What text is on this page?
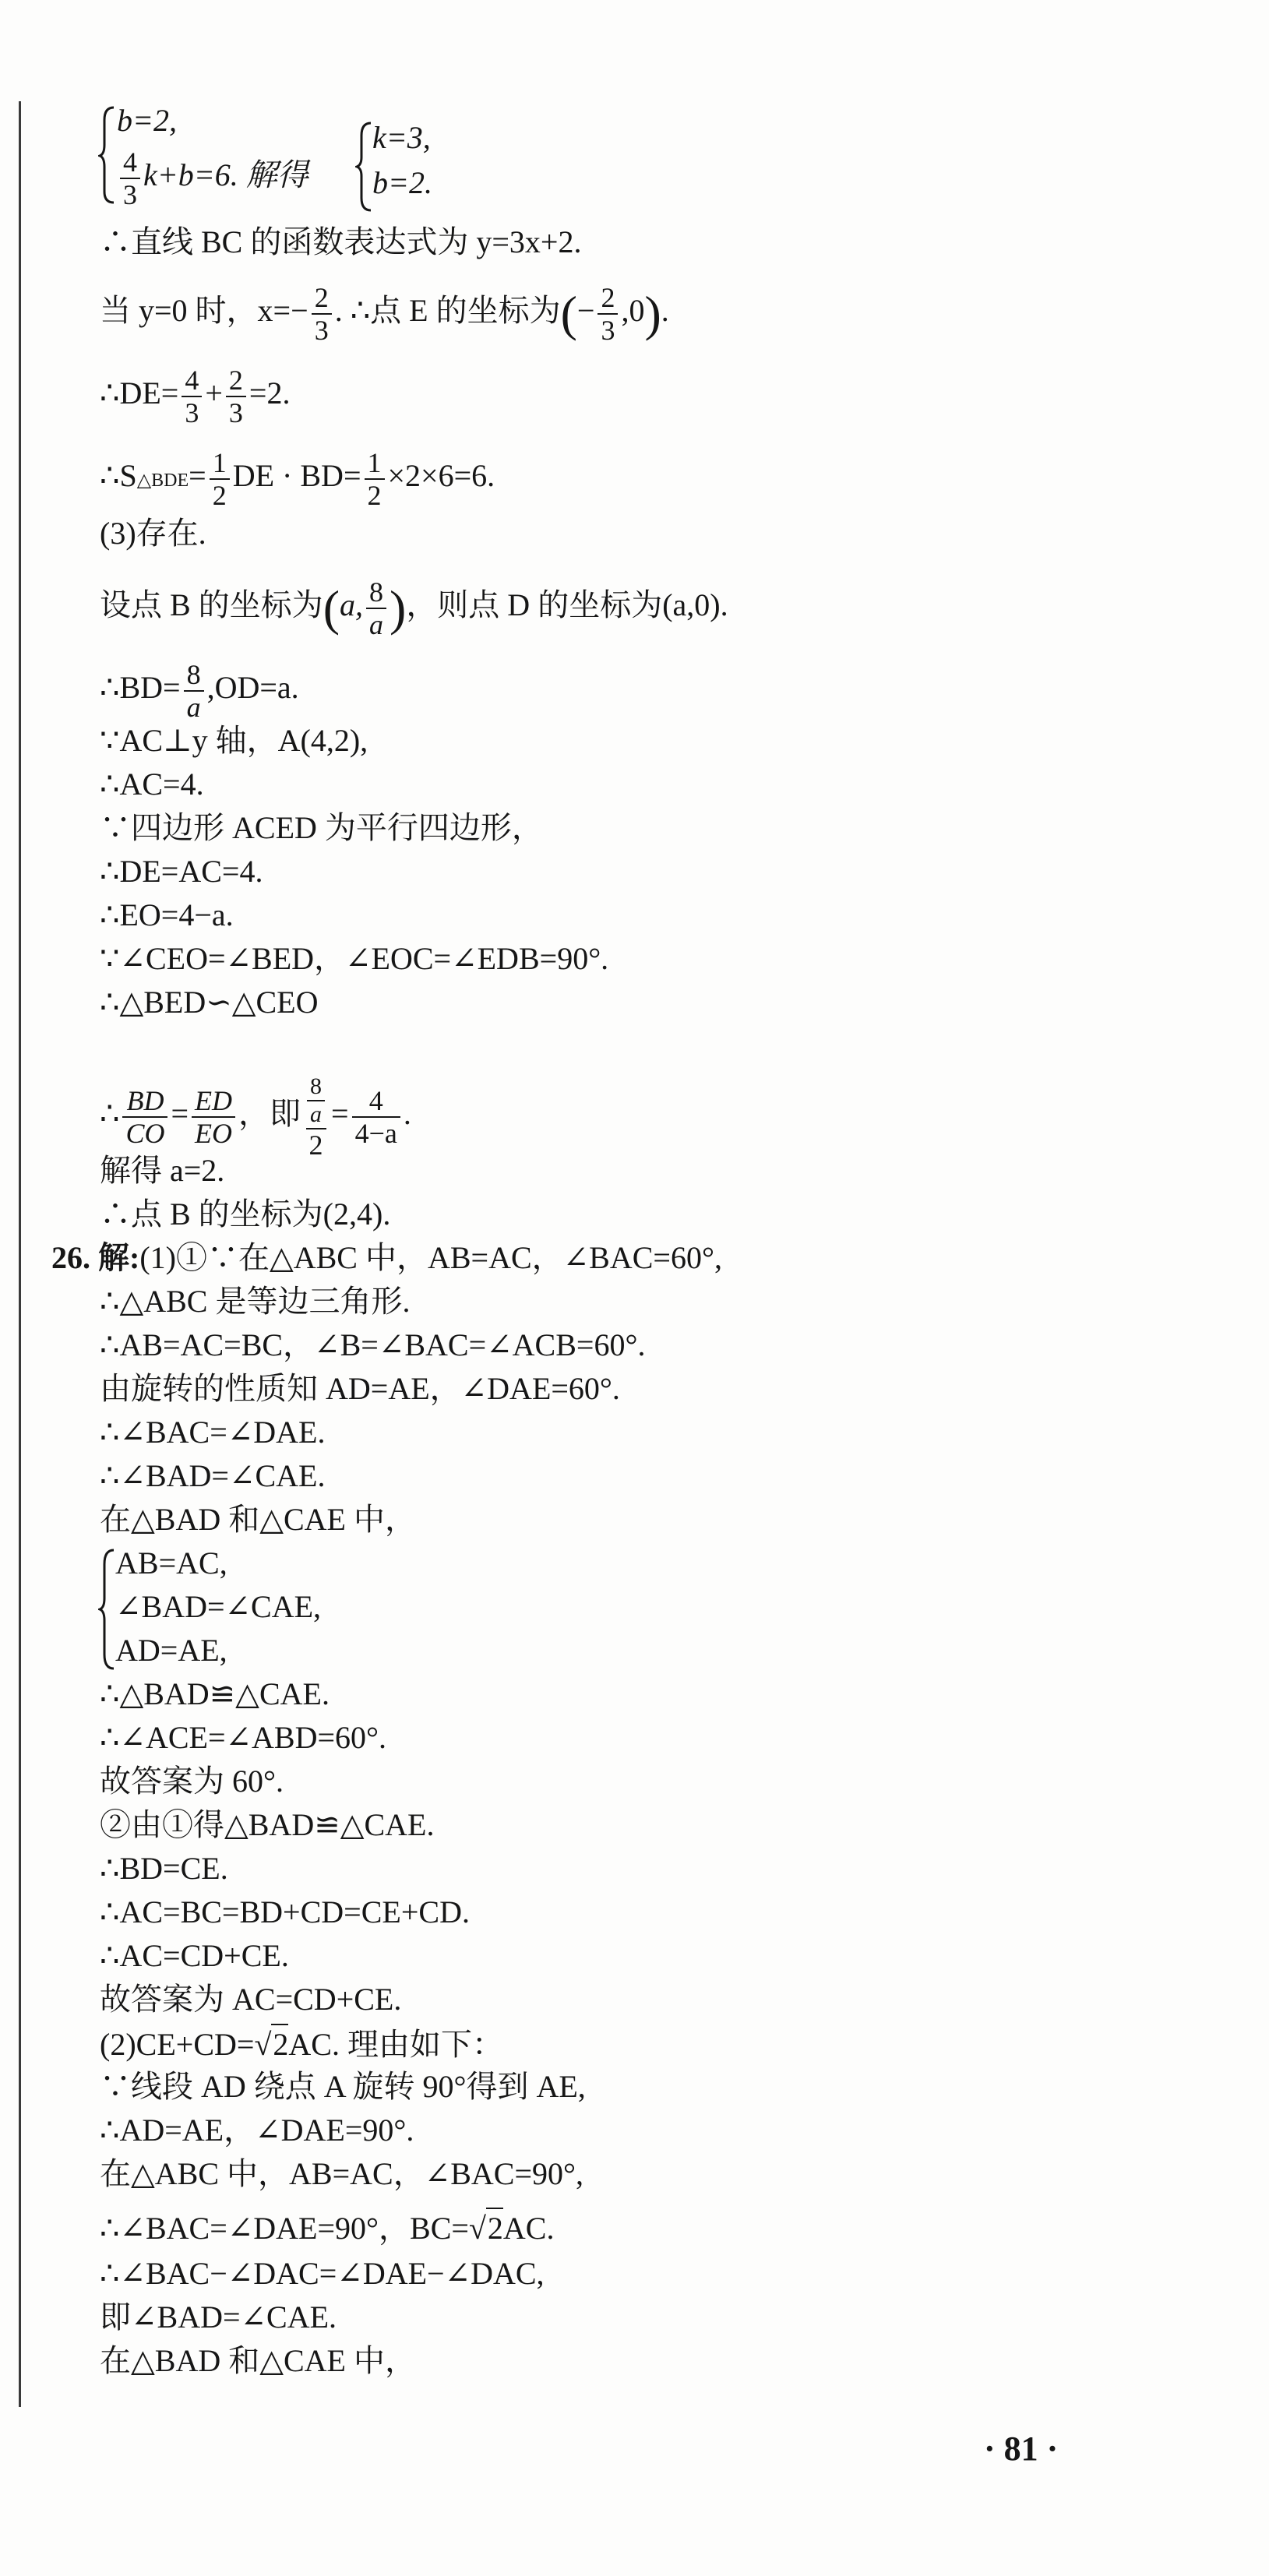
b=2,
$\frac{4}{3} k+b=6$. 解得
k=3,
b=2.
∴直线 BC 的函数表达式为 y=3x+2.
当 y=0 时，$x=- \frac{2}{3}$ . ∴点 E 的坐标为(− $\frac{2}{3} ,0$).
∴DE= $\frac{4}{3} + \frac{2}{3} =2$.
∴S△BDE= $\frac{1}{2}$ DE · $BD= \frac{1}{2} \times 2\times 6=6$.
(3)存在.
设点 B 的坐标为(a, $\frac{8}{a}$ )，则点 D 的坐标为(a,0).
∴BD= $\frac{8}{a} ,OD=a$.
∵AC⊥y 轴，A(4,2),
∴AC=4.
∵四边形 ACED 为平行四边形，
∴DE=AC=4.
∴EO=4−a.
∵∠CEO=∠BED，∠EOC=∠EDB=90°.
∴△BED∽△CEO
∴ $\frac{BD}{CO} = \frac{ED}{EO}$ ，即 $\frac{\frac{8}{a}}{2} = \frac{4}{4-a}$ .
解得 a=2.
∴点 B 的坐标为(2,4).
26. 解:(1)①∵在△ABC 中，AB=AC，∠BAC=60°,
∴△ABC 是等边三角形.
∴AB=AC=BC，∠B=∠BAC=∠ACB=60°.
由旋转的性质知 AD=AE，∠DAE=60°.
∴∠BAC=∠DAE.
∴∠BAD=∠CAE.
在△BAD 和△CAE 中，
AB=AC,
∠BAD=∠CAE,
AD=AE,
∴△BAD≌△CAE.
∴∠ACE=∠ABD=60°.
故答案为 60°.
②由①得△BAD≌△CAE.
∴BD=CE.
∴AC=BC=BD+CD=CE+CD.
∴AC=CD+CE.
故答案为 AC=CD+CE.
(2)CE+CD=√2AC. 理由如下：
∵线段 AD 绕点 A 旋转 90°得到 AE,
∴AD=AE，∠DAE=90°.
在△ABC 中，AB=AC，∠BAC=90°,
∴∠BAC=∠DAE=90°，BC=√2AC.
∴∠BAC−∠DAC=∠DAE−∠DAC,
即∠BAD=∠CAE.
在△BAD 和△CAE 中，
· 81 ·
